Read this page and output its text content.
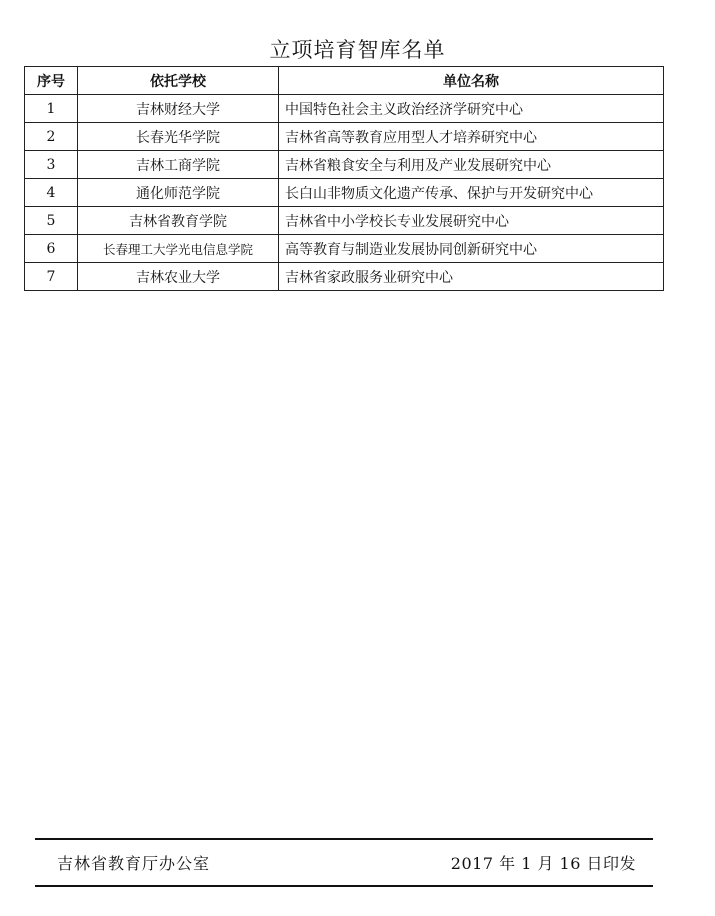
立项培育智库名单
序号	依托学校	单位名称
1	吉林财经大学	中国特色社会主义政治经济学研究中心
2	长春光华学院	吉林省高等教育应用型人才培养研究中心
3	吉林工商学院	吉林省粮食安全与利用及产业发展研究中心
4	通化师范学院	长白山非物质文化遗产传承、保护与开发研究中心
5	吉林省教育学院	吉林省中小学校长专业发展研究中心
6	长春理工大学光电信息学院	高等教育与制造业发展协同创新研究中心
7	吉林农业大学	吉林省家政服务业研究中心
吉林省教育厅办公室	2017 年 1 月 16 日印发
